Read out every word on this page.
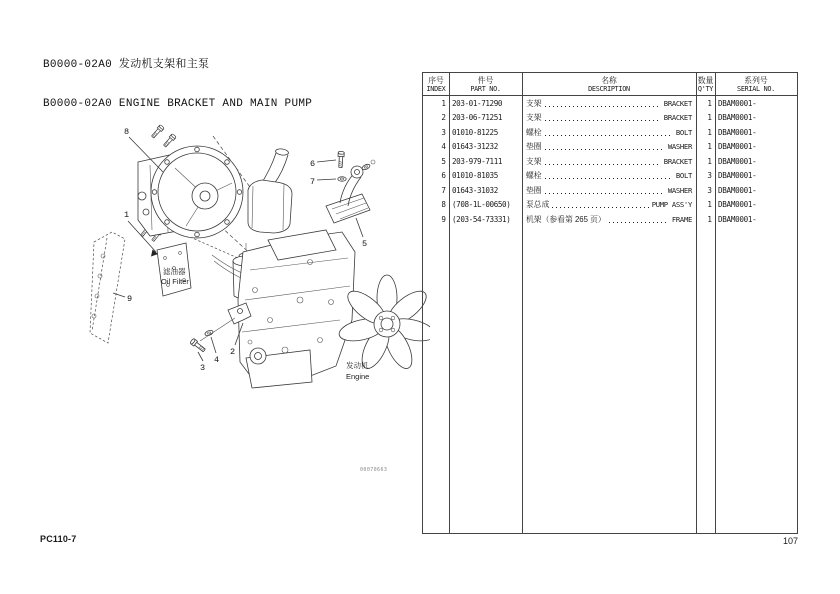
B0000-02A0 发动机支架和主泵

B0000-02A0 ENGINE BRACKET AND MAIN PUMP

8
1
9
6
7
5
2
4
3
滤油器
Oil Filter
发动机
Engine
00070663
序号
INDEX
件号
PART NO.
名称
DESCRIPTION
数量
Q'TY
系列号
SERIAL NO.
1 203-01-71290	支架	BRACKET	1 DBAM0001-
2 203-06-71251	支架	BRACKET	1 DBAM0001-
3 01010-81225	螺栓	BOLT	1 DBAM0001-
4 01643-31232	垫圈	WASHER	1 DBAM0001-
5 203-979-7111	支架	BRACKET	1 DBAM0001-
6 01010-81035	螺栓	BOLT	3 DBAM0001-
7 01643-31032	垫圈	WASHER	3 DBAM0001-
8 (708-1L-00650)	泵总成	PUMP ASS'Y	1 DBAM0001-
9 (203-54-73331)	机架（参看第 265 页）	FRAME	1 DBAM0001-
PC110-7	107
